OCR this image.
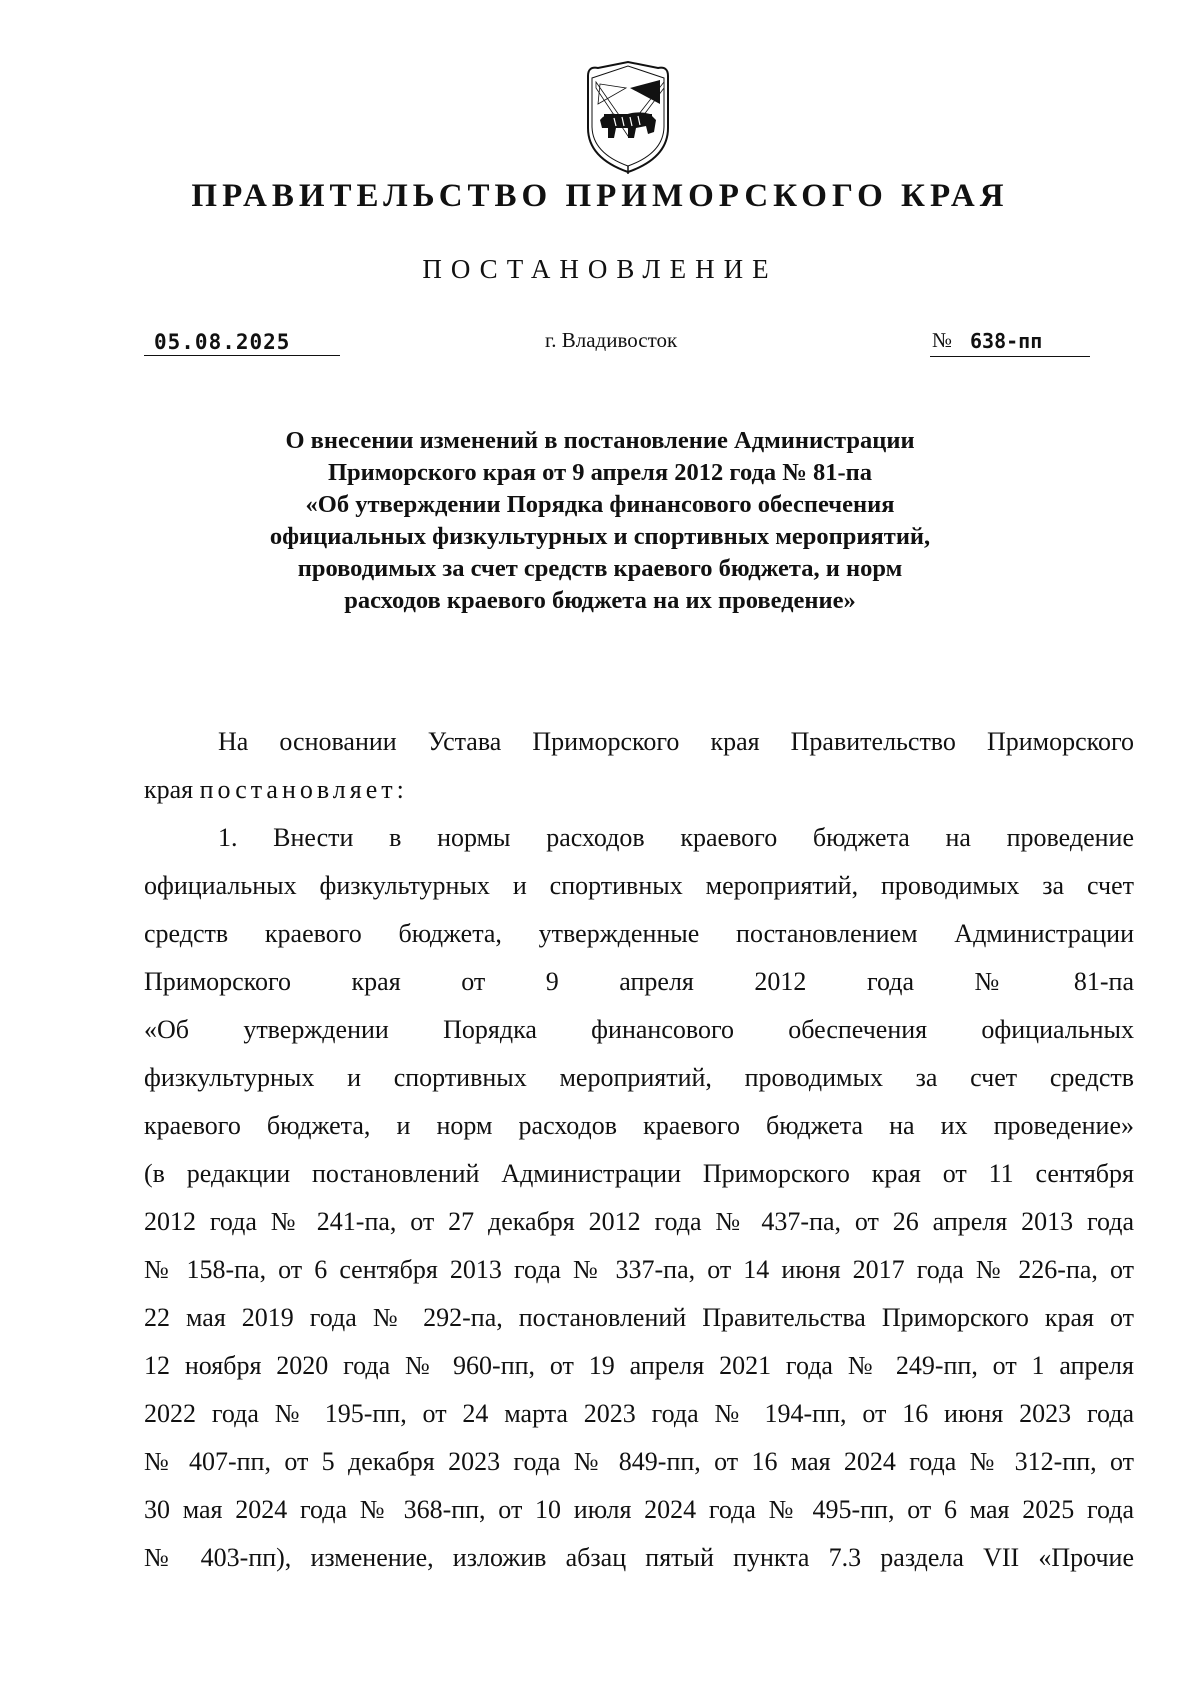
ПРАВИТЕЛЬСТВО ПРИМОРСКОГО КРАЯ
ПОСТАНОВЛЕНИЕ
05.08.2025	г. Владивосток	№ 638-пп
О внесении изменений в постановление Администрации
Приморского края от 9 апреля 2012 года № 81-па
«Об утверждении Порядка финансового обеспечения
официальных физкультурных и спортивных мероприятий,
проводимых за счет средств краевого бюджета, и норм
расходов краевого бюджета на их проведение»
На основании Устава Приморского края Правительство Приморского
края постановляет:
1. Внести в нормы расходов краевого бюджета на проведение
официальных физкультурных и спортивных мероприятий, проводимых за счет
средств краевого бюджета, утвержденные постановлением Администрации
Приморского края от 9 апреля 2012 года № 81-па
«Об утверждении Порядка финансового обеспечения официальных
физкультурных и спортивных мероприятий, проводимых за счет средств
краевого бюджета, и норм расходов краевого бюджета на их проведение»
(в редакции постановлений Администрации Приморского края от 11 сентября
2012 года № 241-па, от 27 декабря 2012 года № 437-па, от 26 апреля 2013 года
№ 158-па, от 6 сентября 2013 года № 337-па, от 14 июня 2017 года № 226-па, от
22 мая 2019 года № 292-па, постановлений Правительства Приморского края от
12 ноября 2020 года № 960-пп, от 19 апреля 2021 года № 249-пп, от 1 апреля
2022 года № 195-пп, от 24 марта 2023 года № 194-пп, от 16 июня 2023 года
№ 407-пп, от 5 декабря 2023 года № 849-пп, от 16 мая 2024 года № 312-пп, от
30 мая 2024 года № 368-пп, от 10 июля 2024 года № 495-пп, от 6 мая 2025 года
№ 403-пп), изменение, изложив абзац пятый пункта 7.3 раздела VII «Прочие
